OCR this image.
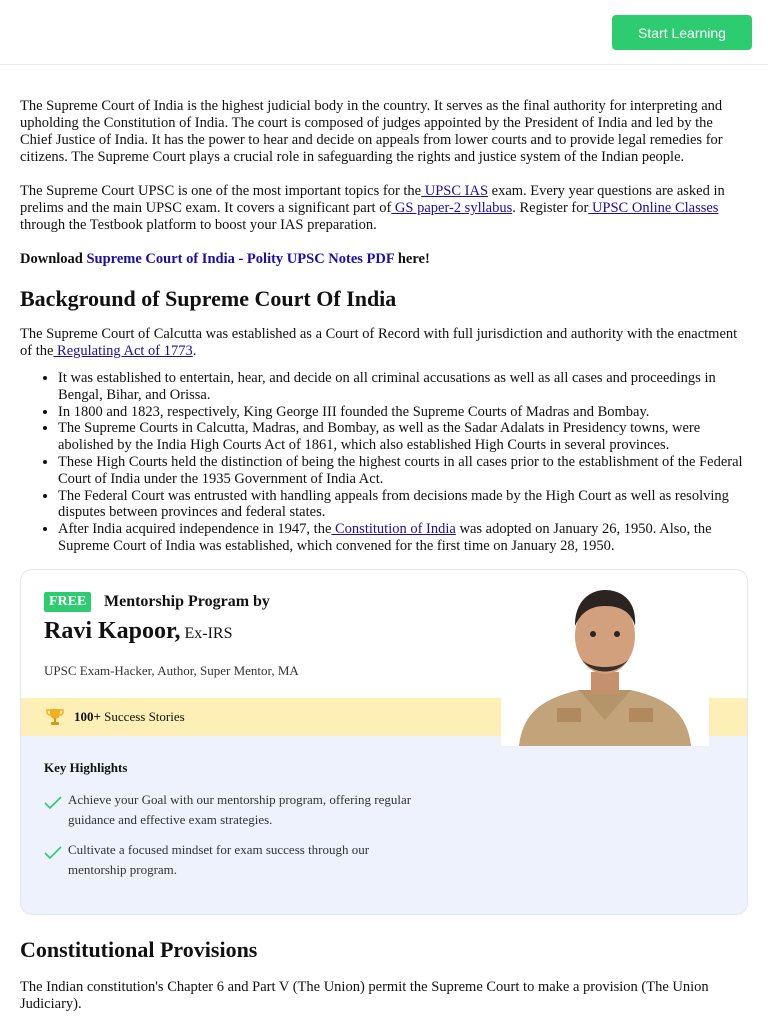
Start Learning

The Supreme Court of India is the highest judicial body in the country. It serves as the final authority for interpreting and upholding the Constitution of India. The court is composed of judges appointed by the President of India and led by the Chief Justice of India. It has the power to hear and decide on appeals from lower courts and to provide legal remedies for citizens. The Supreme Court plays a crucial role in safeguarding the rights and justice system of the Indian people.

The Supreme Court UPSC is one of the most important topics for the UPSC IAS exam. Every year questions are asked in prelims and the main UPSC exam. It covers a significant part of GS paper-2 syllabus. Register for UPSC Online Classes through the Testbook platform to boost your IAS preparation.

Download Supreme Court of India - Polity UPSC Notes PDF here!

Background of Supreme Court Of India

The Supreme Court of Calcutta was established as a Court of Record with full jurisdiction and authority with the enactment of the Regulating Act of 1773.

• It was established to entertain, hear, and decide on all criminal accusations as well as all cases and proceedings in Bengal, Bihar, and Orissa.
• In 1800 and 1823, respectively, King George III founded the Supreme Courts of Madras and Bombay.
• The Supreme Courts in Calcutta, Madras, and Bombay, as well as the Sadar Adalats in Presidency towns, were abolished by the India High Courts Act of 1861, which also established High Courts in several provinces.
• These High Courts held the distinction of being the highest courts in all cases prior to the establishment of the Federal Court of India under the 1935 Government of India Act.
• The Federal Court was entrusted with handling appeals from decisions made by the High Court as well as resolving disputes between provinces and federal states.
• After India acquired independence in 1947, the Constitution of India was adopted on January 26, 1950. Also, the Supreme Court of India was established, which convened for the first time on January 28, 1950.
FREE	Mentorship Program by
Ravi Kapoor, Ex-IRS
UPSC Exam-Hacker, Author, Super Mentor, MA
100+ Success Stories
Key Highlights
Achieve your Goal with our mentorship program, offering regular guidance and effective exam strategies.
Cultivate a focused mindset for exam success through our mentorship program.
Constitutional Provisions

The Indian constitution's Chapter 6 and Part V (The Union) permit the Supreme Court to make a provision (The Union Judiciary).
